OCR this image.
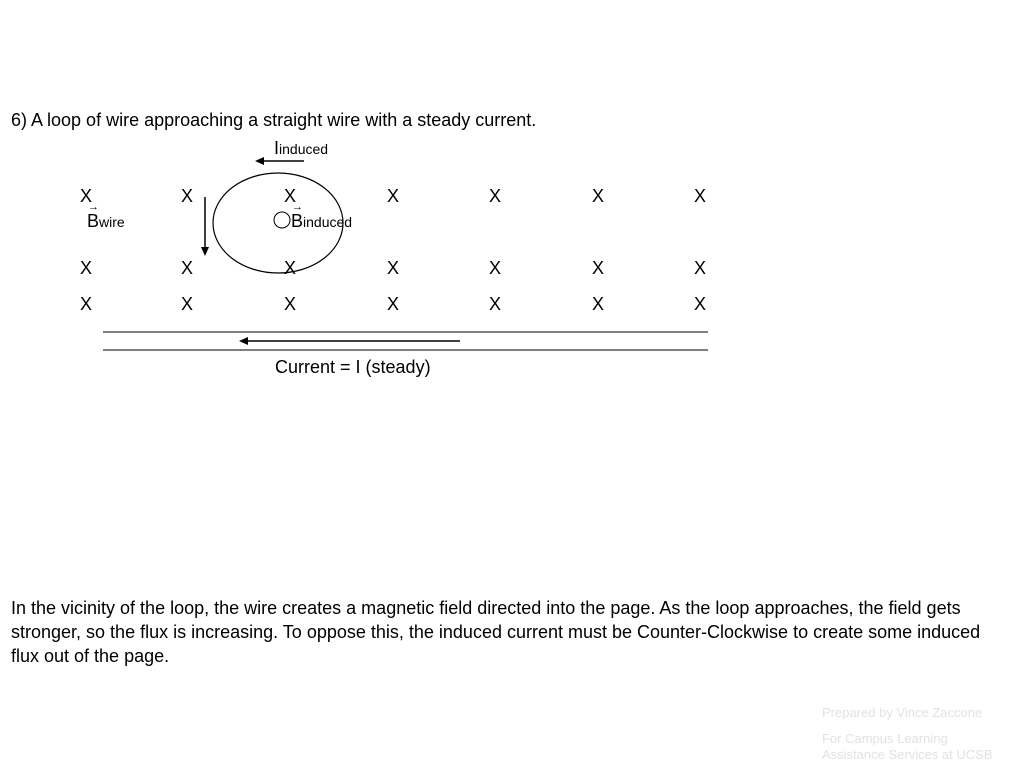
6) A loop of wire approaching a straight wire with a steady current.
X	X	X	X	X	X	X
X	X	X	X	X	X	X
X	X	X	X	X	X	X
Iinduced
→
Bwire
→
Binduced
Current = I (steady)
In the vicinity of the loop, the wire creates a magnetic field directed into the page. As the loop approaches, the field gets stronger, so the flux is increasing. To oppose this, the induced current must be Counter-Clockwise to create some induced flux out of the page.
Prepared by Vince Zaccone
For Campus Learning Assistance Services at UCSB
